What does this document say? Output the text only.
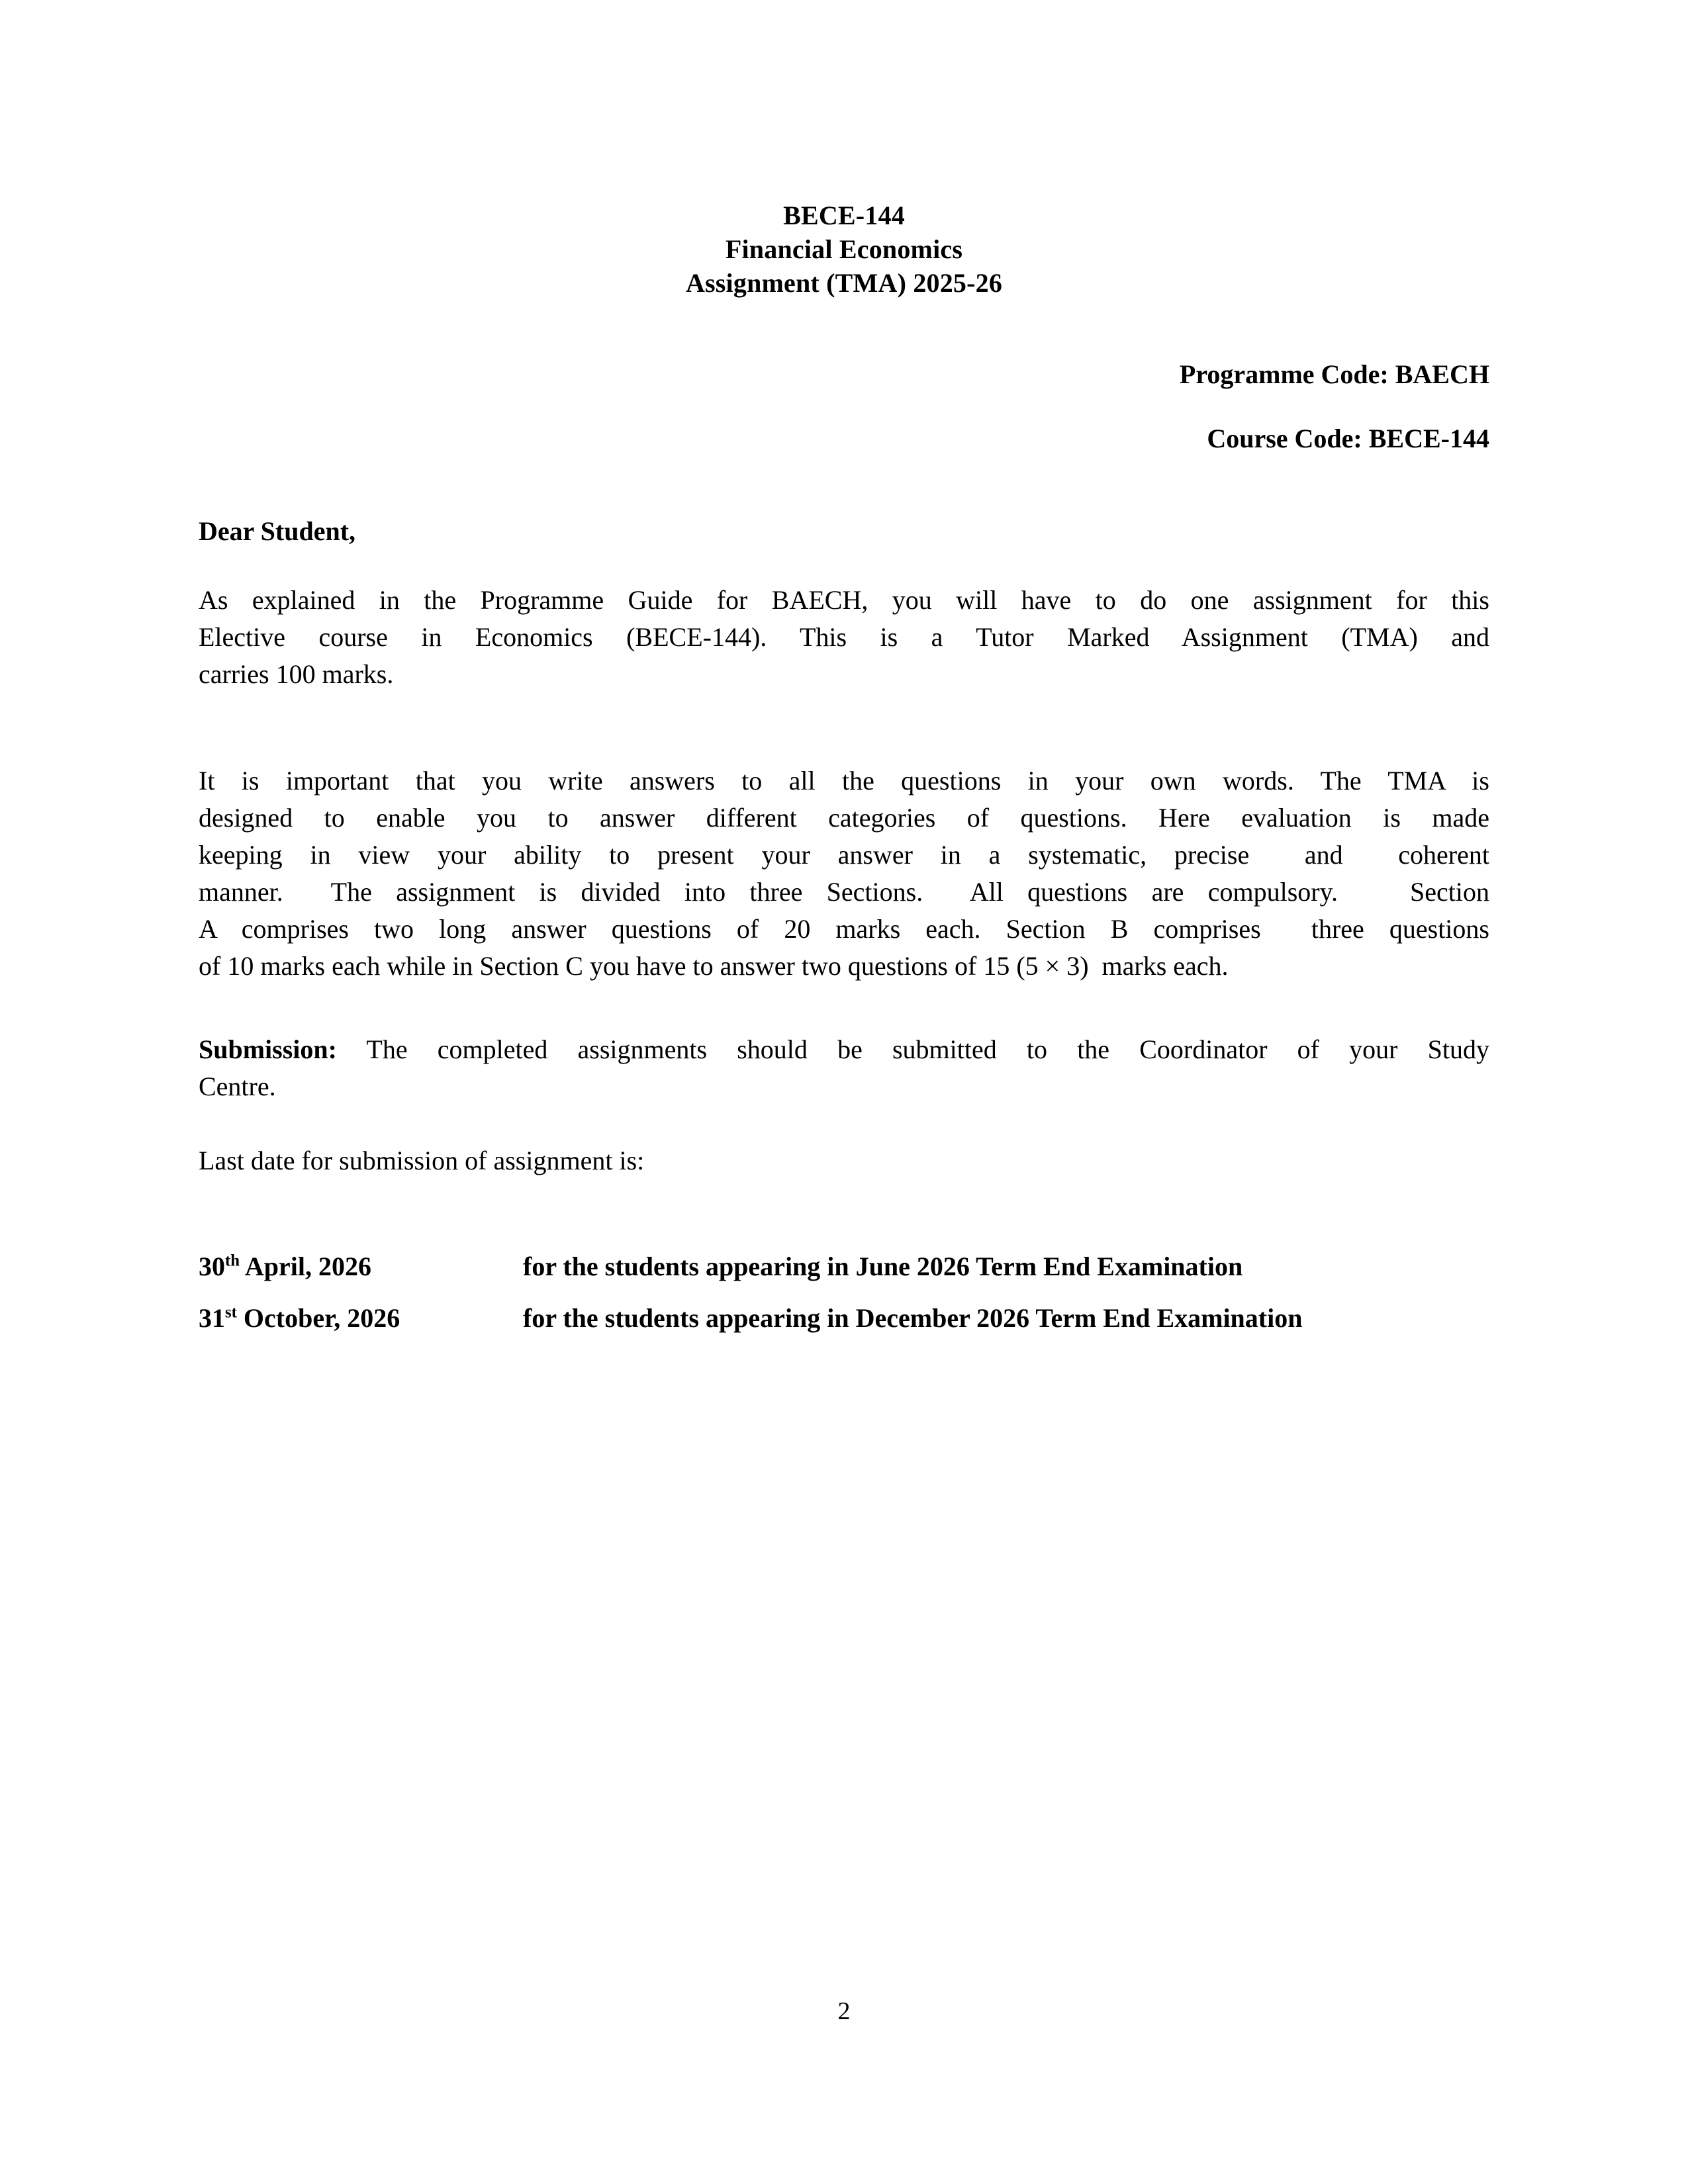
BECE-144
Financial Economics
Assignment (TMA) 2025-26
Programme Code: BAECH
Course Code: BECE-144
Dear Student,
As explained in the Programme Guide for BAECH, you will have to do one assignment for this
Elective course in Economics (BECE-144). This is a Tutor Marked Assignment (TMA) and
carries 100 marks.
It is important that you write answers to all the questions in your own words. The TMA is
designed to enable you to answer different categories of questions. Here evaluation is made
keeping in view your ability to present your answer in a systematic, precise  and  coherent
manner.  The assignment is divided into three Sections.  All questions are compulsory.   Section
A comprises two long answer questions of 20 marks each. Section B comprises  three questions
of 10 marks each while in Section C you have to answer two questions of 15 (5 × 3)  marks each.
Submission: The completed assignments should be submitted to the Coordinator of your Study
Centre.
Last date for submission of assignment is:
30th April, 2026	for the students appearing in June 2026 Term End Examination
31st October, 2026	for the students appearing in December 2026 Term End Examination
2
